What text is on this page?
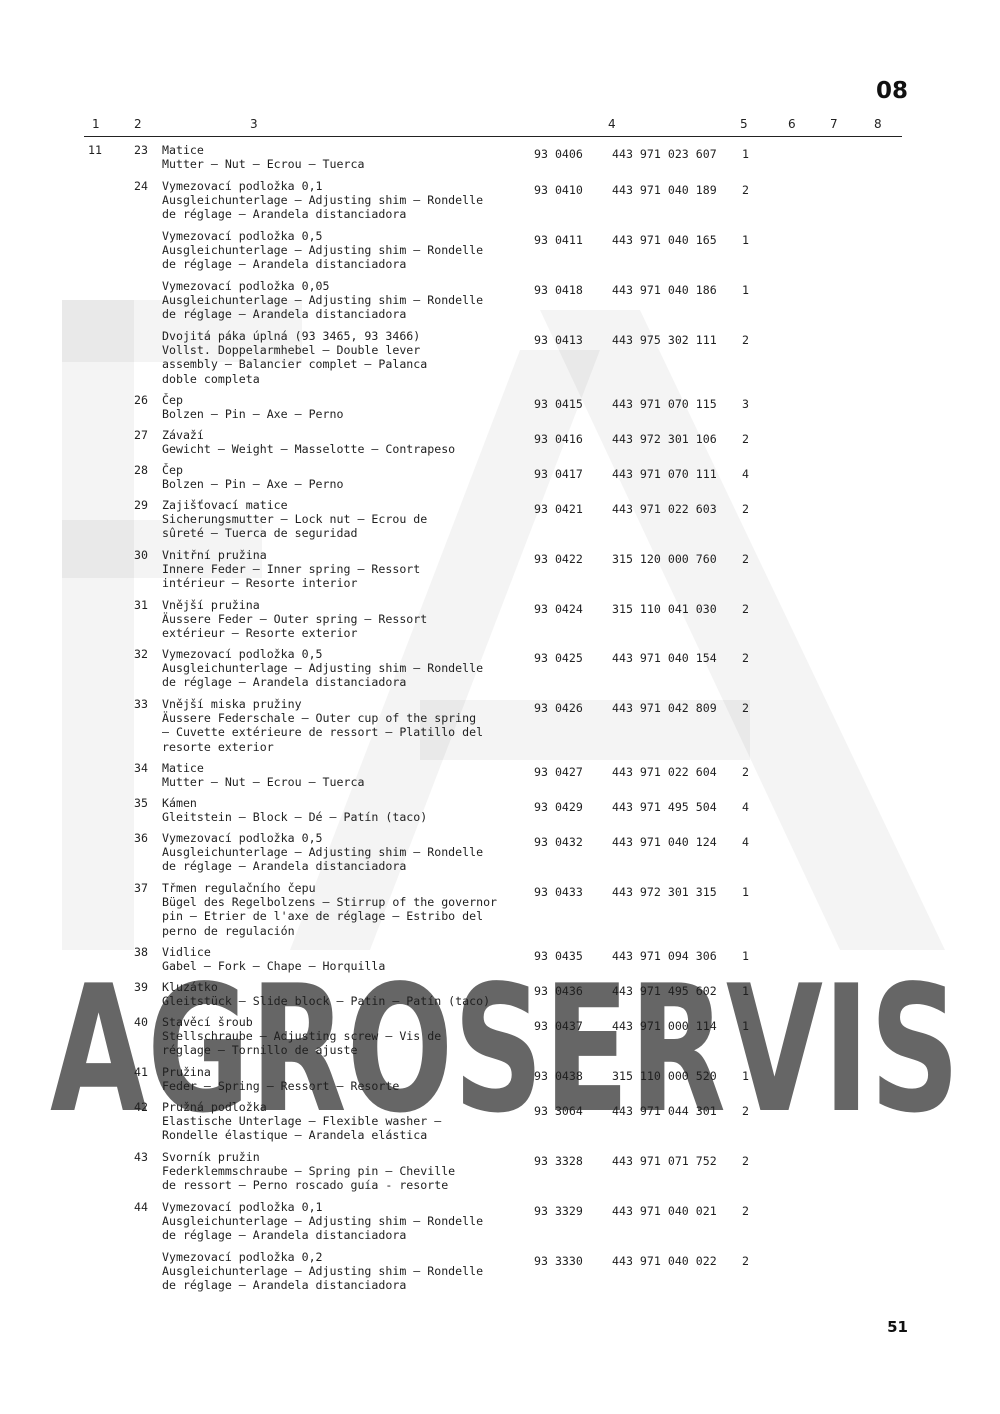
AGROSERVIS
08
1	2	3	4	5	6	7	8
11	23 Matice
Mutter — Nut — Ecrou — Tuerca
93 0406	443 971 023 607 1
24 Vymezovací podložka 0,1
Ausgleichunterlage — Adjusting shim — Rondelle
de réglage — Arandela distanciadora
93 0410	443 971 040 189 2
Vymezovací podložka 0,5
Ausgleichunterlage — Adjusting shim — Rondelle
de réglage — Arandela distanciadora
93 0411	443 971 040 165 1
Vymezovací podložka 0,05
Ausgleichunterlage — Adjusting shim — Rondelle
de réglage — Arandela distanciadora
93 0418	443 971 040 186 1
Dvojitá páka úplná (93 3465, 93 3466)
Vollst. Doppelarmhebel — Double lever
assembly — Balancier complet — Palanca
doble completa
93 0413	443 975 302 111 2
26 Čep
Bolzen — Pin — Axe — Perno
93 0415	443 971 070 115 3
27 Závaží
Gewicht — Weight — Masselotte — Contrapeso
93 0416	443 972 301 106 2
28 Čep
Bolzen — Pin — Axe — Perno
93 0417	443 971 070 111 4
29 Zajišťovací matice
Sicherungsmutter — Lock nut — Ecrou de
sûreté — Tuerca de seguridad
93 0421	443 971 022 603 2
30 Vnitřní pružina
Innere Feder — Inner spring — Ressort
intérieur — Resorte interior
93 0422	315 120 000 760 2
31 Vnější pružina
Äussere Feder — Outer spring — Ressort
extérieur — Resorte exterior
93 0424	315 110 041 030 2
32 Vymezovací podložka 0,5
Ausgleichunterlage — Adjusting shim — Rondelle
de réglage — Arandela distanciadora
93 0425	443 971 040 154 2
33 Vnější miska pružiny
Äussere Federschale — Outer cup of the spring
— Cuvette extérieure de ressort — Platillo del
resorte exterior
93 0426	443 971 042 809 2
34 Matice
Mutter — Nut — Ecrou — Tuerca
93 0427	443 971 022 604 2
35 Kámen
Gleitstein — Block — Dé — Patín (taco)
93 0429	443 971 495 504 4
36 Vymezovací podložka 0,5
Ausgleichunterlage — Adjusting shim — Rondelle
de réglage — Arandela distanciadora
93 0432	443 971 040 124 4
37 Třmen regulačního čepu
Bügel des Regelbolzens — Stirrup of the governor
pin — Etrier de l'axe de réglage — Estribo del
perno de regulación
93 0433	443 972 301 315 1
38 Vidlice
Gabel — Fork — Chape — Horquilla
93 0435	443 971 094 306 1
39 Kluzátko
Gleitstück — Slide block — Patin — Patín (taco)
93 0436	443 971 495 602 1
40 Stavěcí šroub
Stellschraube — Adjusting screw — Vis de
réglage — Tornillo de ajuste
93 0437	443 971 000 114 1
41 Pružina
Feder — Spring — Ressort — Resorte
93 0438	315 110 000 520 1
42 Pružná podložka
Elastische Unterlage — Flexible washer —
Rondelle élastique — Arandela elástica
93 3064	443 971 044 301 2
43 Svorník pružin
Federklemmschraube — Spring pin — Cheville
de ressort — Perno roscado guía - resorte
93 3328	443 971 071 752 2
44 Vymezovací podložka 0,1
Ausgleichunterlage — Adjusting shim — Rondelle
de réglage — Arandela distanciadora
93 3329	443 971 040 021 2
Vymezovací podložka 0,2
Ausgleichunterlage — Adjusting shim — Rondelle
de réglage — Arandela distanciadora
93 3330	443 971 040 022 2
51
